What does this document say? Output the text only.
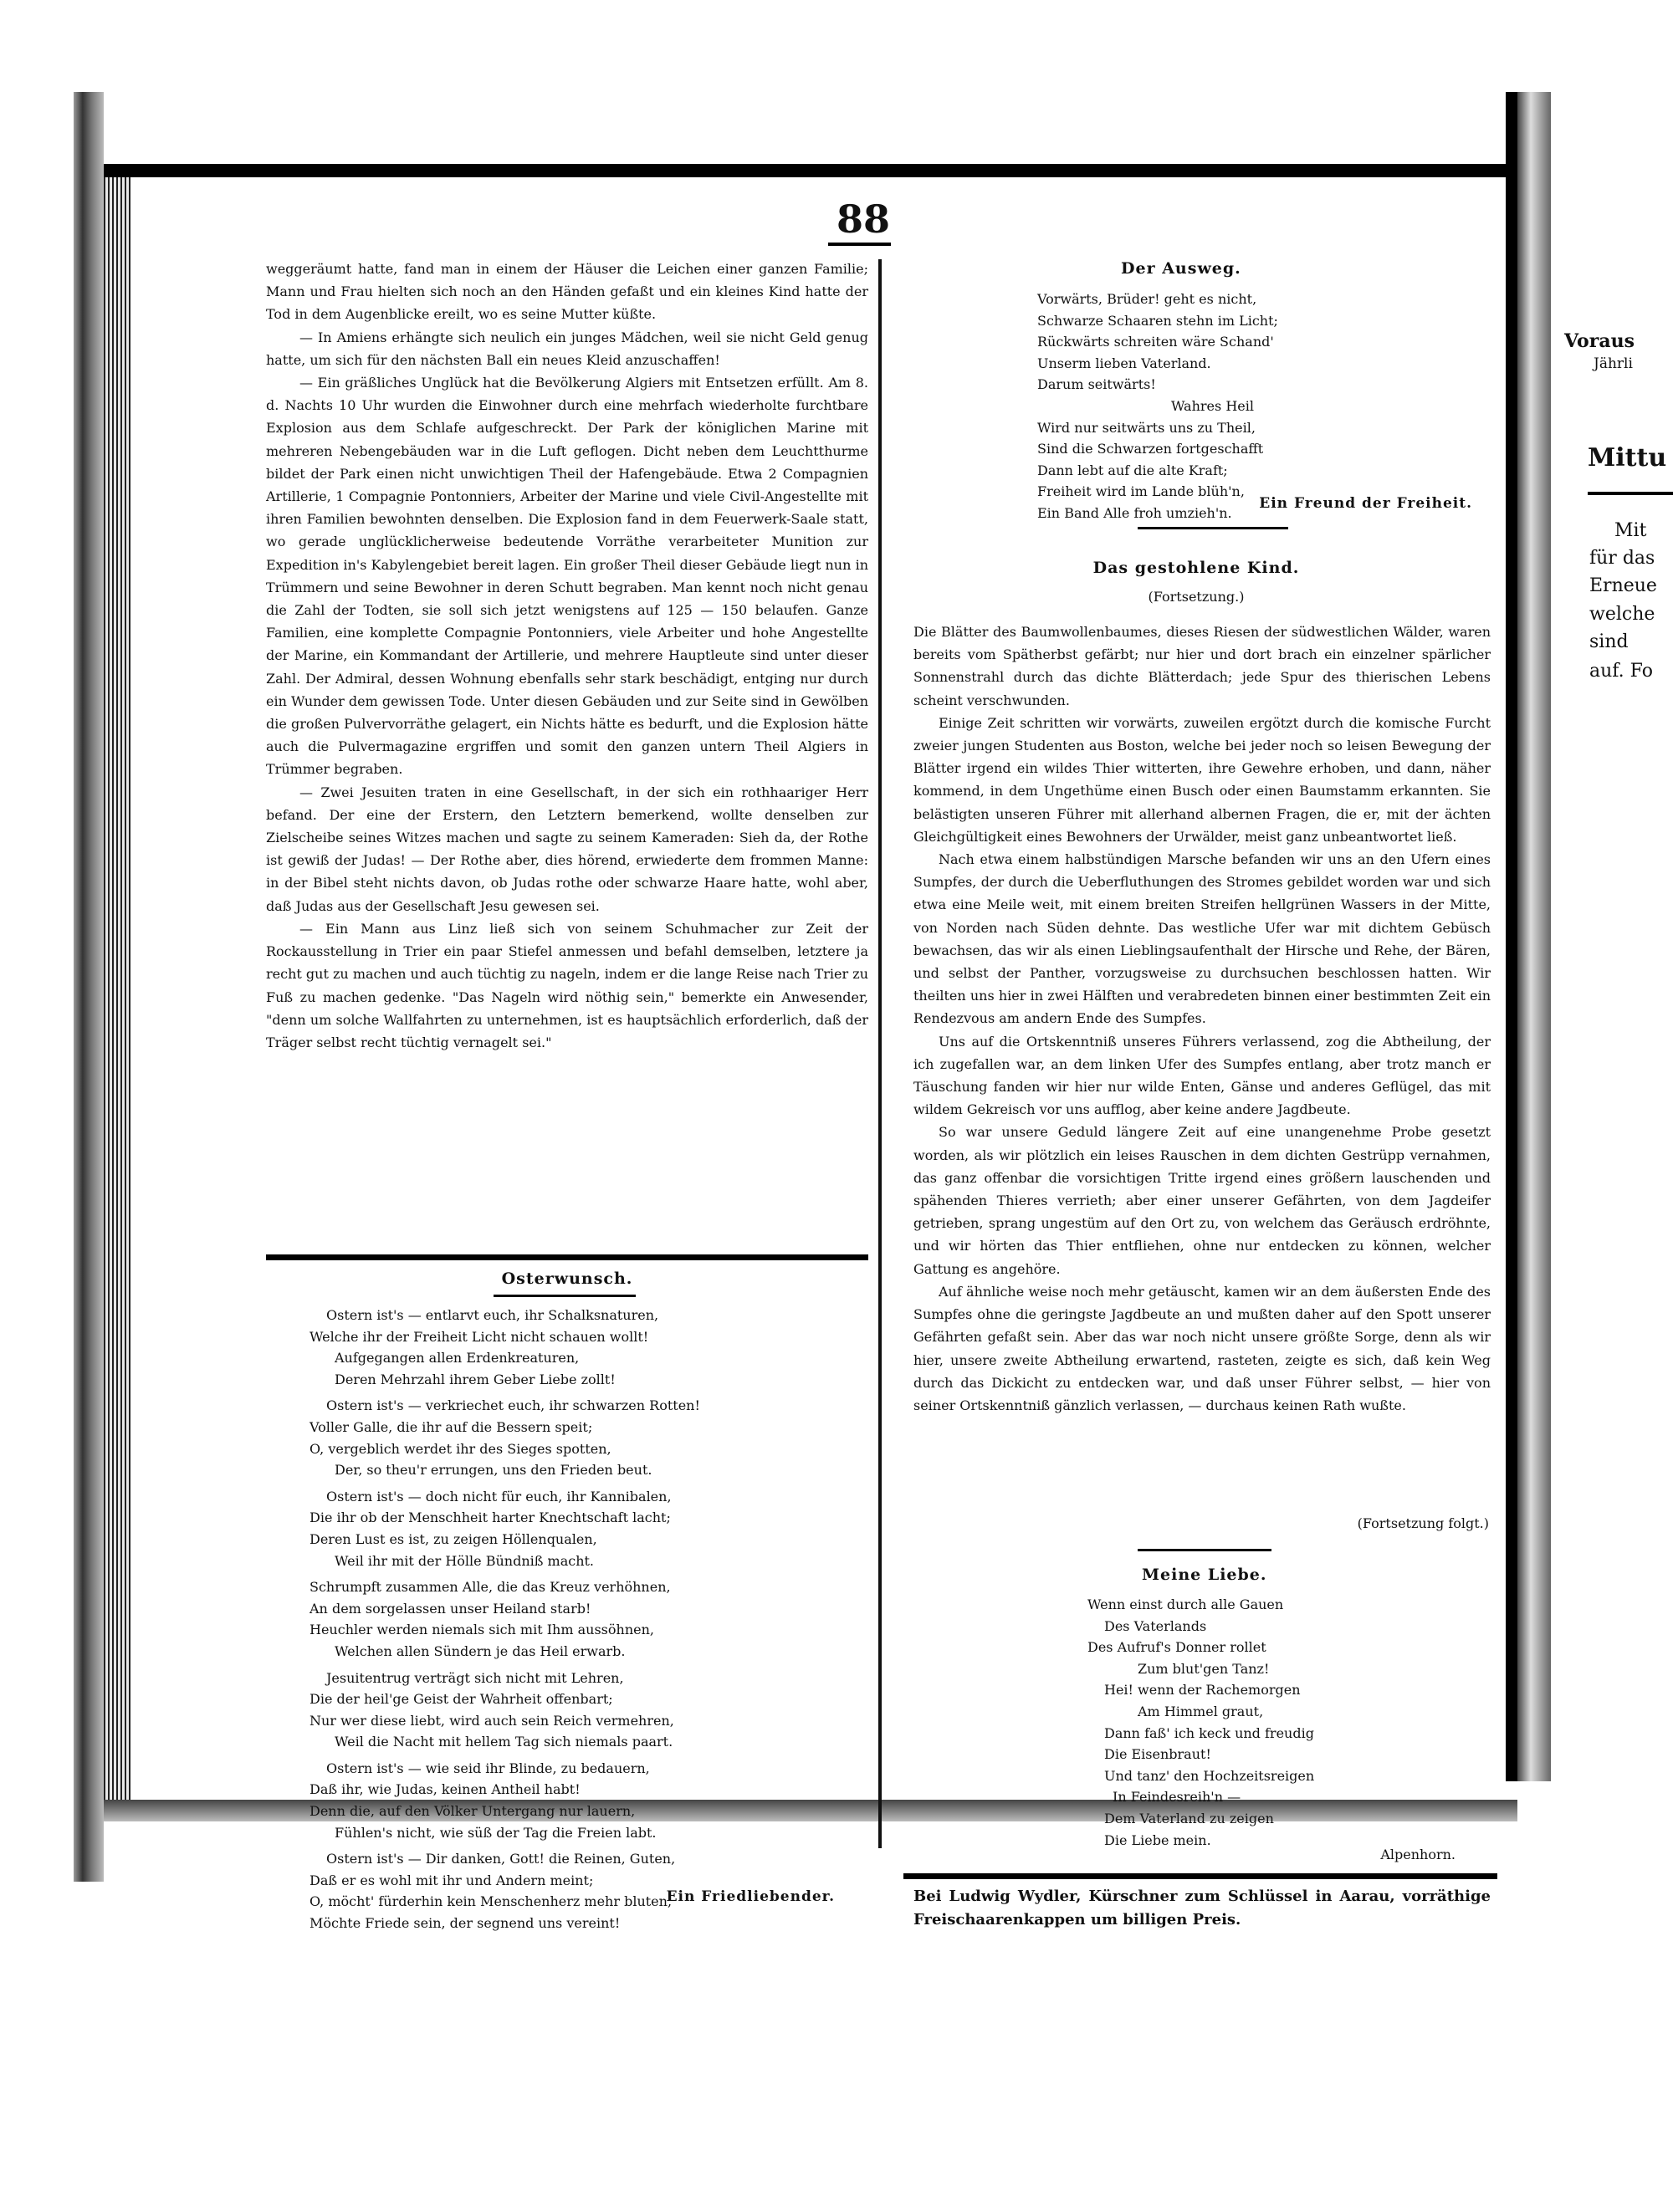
88

weggeräumt hatte, fand man in einem der Häuser die Leichen einer ganzen Familie; Mann und Frau hielten sich noch an den Händen gefaßt und ein kleines Kind hatte der Tod in dem Augenblicke ereilt, wo es seine Mutter küßte.

— In Amiens erhängte sich neulich ein junges Mädchen, weil sie nicht Geld genug hatte, um sich für den nächsten Ball ein neues Kleid anzuschaffen!

— Ein gräßliches Unglück hat die Bevölkerung Algiers mit Entsetzen erfüllt. Am 8. d. Nachts 10 Uhr wurden die Einwohner durch eine mehrfach wiederholte furchtbare Explosion aus dem Schlafe aufgeschreckt. Der Park der königlichen Marine mit mehreren Nebengebäuden war in die Luft geflogen. Dicht neben dem Leuchtthurme bildet der Park einen nicht unwichtigen Theil der Hafengebäude. Etwa 2 Compagnien Artillerie, 1 Compagnie Pontonniers, Arbeiter der Marine und viele Civil-Angestellte mit ihren Familien bewohnten denselben. Die Explosion fand in dem Feuerwerk-Saale statt, wo gerade unglücklicherweise bedeutende Vorräthe verarbeiteter Munition zur Expedition in's Kabylengebiet bereit lagen. Ein großer Theil dieser Gebäude liegt nun in Trümmern und seine Bewohner in deren Schutt begraben. Man kennt noch nicht genau die Zahl der Todten, sie soll sich jetzt wenigstens auf 125 — 150 belaufen. Ganze Familien, eine komplette Compagnie Pontonniers, viele Arbeiter und hohe Angestellte der Marine, ein Kommandant der Artillerie, und mehrere Hauptleute sind unter dieser Zahl. Der Admiral, dessen Wohnung ebenfalls sehr stark beschädigt, entging nur durch ein Wunder dem gewissen Tode. Unter diesen Gebäuden und zur Seite sind in Gewölben die großen Pulvervorräthe gelagert, ein Nichts hätte es bedurft, und die Explosion hätte auch die Pulvermagazine ergriffen und somit den ganzen untern Theil Algiers in Trümmer begraben.

— Zwei Jesuiten traten in eine Gesellschaft, in der sich ein rothhaariger Herr befand. Der eine der Erstern, den Letztern bemerkend, wollte denselben zur Zielscheibe seines Witzes machen und sagte zu seinem Kameraden: Sieh da, der Rothe ist gewiß der Judas! — Der Rothe aber, dies hörend, erwiederte dem frommen Manne: in der Bibel steht nichts davon, ob Judas rothe oder schwarze Haare hatte, wohl aber, daß Judas aus der Gesellschaft Jesu gewesen sei.

— Ein Mann aus Linz ließ sich von seinem Schuhmacher zur Zeit der Rockausstellung in Trier ein paar Stiefel anmessen und befahl demselben, letztere ja recht gut zu machen und auch tüchtig zu nageln, indem er die lange Reise nach Trier zu Fuß zu machen gedenke. "Das Nageln wird nöthig sein," bemerkte ein Anwesender, "denn um solche Wallfahrten zu unternehmen, ist es hauptsächlich erforderlich, daß der Träger selbst recht tüchtig vernagelt sei."

Osterwunsch.
Ostern ist's — entlarvt euch, ihr Schalksnaturen,
Welche ihr der Freiheit Licht nicht schauen wollt!
Aufgegangen allen Erdenkreaturen,
Deren Mehrzahl ihrem Geber Liebe zollt!
Ostern ist's — verkriechet euch, ihr schwarzen Rotten!
Voller Galle, die ihr auf die Bessern speit;
O, vergeblich werdet ihr des Sieges spotten,
Der, so theu'r errungen, uns den Frieden beut.
Ostern ist's — doch nicht für euch, ihr Kannibalen,
Die ihr ob der Menschheit harter Knechtschaft lacht;
Deren Lust es ist, zu zeigen Höllenqualen,
Weil ihr mit der Hölle Bündniß macht.
Schrumpft zusammen Alle, die das Kreuz verhöhnen,
An dem sorgelassen unser Heiland starb!
Heuchler werden niemals sich mit Ihm aussöhnen,
Welchen allen Sündern je das Heil erwarb.
Jesuitentrug verträgt sich nicht mit Lehren,
Die der heil'ge Geist der Wahrheit offenbart;
Nur wer diese liebt, wird auch sein Reich vermehren,
Weil die Nacht mit hellem Tag sich niemals paart.
Ostern ist's — wie seid ihr Blinde, zu bedauern,
Daß ihr, wie Judas, keinen Antheil habt!
Denn die, auf den Völker Untergang nur lauern,
Fühlen's nicht, wie süß der Tag die Freien labt.
Ostern ist's — Dir danken, Gott! die Reinen, Guten,
Daß er es wohl mit ihr und Andern meint;
O, möcht' fürderhin kein Menschenherz mehr bluten,
Möchte Friede sein, der segnend uns vereint!
Ein Friedliebender.
Der Ausweg.
Vorwärts, Brüder! geht es nicht,
Schwarze Schaaren stehn im Licht;
Rückwärts schreiten wäre Schand'
Unserm lieben Vaterland.
Darum seitwärts!
Wahres Heil
Wird nur seitwärts uns zu Theil,
Sind die Schwarzen fortgeschafft
Dann lebt auf die alte Kraft;
Freiheit wird im Lande blüh'n,
Ein Band Alle froh umzieh'n.
Ein Freund der Freiheit.
Das gestohlene Kind.
(Fortsetzung.)

Die Blätter des Baumwollenbaumes, dieses Riesen der südwestlichen Wälder, waren bereits vom Spätherbst gefärbt; nur hier und dort brach ein einzelner spärlicher Sonnenstrahl durch das dichte Blätterdach; jede Spur des thierischen Lebens scheint verschwunden.

Einige Zeit schritten wir vorwärts, zuweilen ergötzt durch die komische Furcht zweier jungen Studenten aus Boston, welche bei jeder noch so leisen Bewegung der Blätter irgend ein wildes Thier witterten, ihre Gewehre erhoben, und dann, näher kommend, in dem Ungethüme einen Busch oder einen Baumstamm erkannten. Sie belästigten unseren Führer mit allerhand albernen Fragen, die er, mit der ächten Gleichgültigkeit eines Bewohners der Urwälder, meist ganz unbeantwortet ließ.

Nach etwa einem halbstündigen Marsche befanden wir uns an den Ufern eines Sumpfes, der durch die Ueberfluthungen des Stromes gebildet worden war und sich etwa eine Meile weit, mit einem breiten Streifen hellgrünen Wassers in der Mitte, von Norden nach Süden dehnte. Das westliche Ufer war mit dichtem Gebüsch bewachsen, das wir als einen Lieblingsaufenthalt der Hirsche und Rehe, der Bären, und selbst der Panther, vorzugsweise zu durchsuchen beschlossen hatten. Wir theilten uns hier in zwei Hälften und verabredeten binnen einer bestimmten Zeit ein Rendezvous am andern Ende des Sumpfes.

Uns auf die Ortskenntniß unseres Führers verlassend, zog die Abtheilung, der ich zugefallen war, an dem linken Ufer des Sumpfes entlang, aber trotz manch er Täuschung fanden wir hier nur wilde Enten, Gänse und anderes Geflügel, das mit wildem Gekreisch vor uns aufflog, aber keine andere Jagdbeute.

So war unsere Geduld längere Zeit auf eine unangenehme Probe gesetzt worden, als wir plötzlich ein leises Rauschen in dem dichten Gestrüpp vernahmen, das ganz offenbar die vorsichtigen Tritte irgend eines größern lauschenden und spähenden Thieres verrieth; aber einer unserer Gefährten, von dem Jagdeifer getrieben, sprang ungestüm auf den Ort zu, von welchem das Geräusch erdröhnte, und wir hörten das Thier entfliehen, ohne nur entdecken zu können, welcher Gattung es angehöre.

Auf ähnliche weise noch mehr getäuscht, kamen wir an dem äußersten Ende des Sumpfes ohne die geringste Jagdbeute an und mußten daher auf den Spott unserer Gefährten gefaßt sein. Aber das war noch nicht unsere größte Sorge, denn als wir hier, unsere zweite Abtheilung erwartend, rasteten, zeigte es sich, daß kein Weg durch das Dickicht zu entdecken war, und daß unser Führer selbst, — hier von seiner Ortskenntniß gänzlich verlassen, — durchaus keinen Rath wußte.

(Fortsetzung folgt.)
Meine Liebe.
Wenn einst durch alle Gauen
Des Vaterlands
Des Aufruf's Donner rollet
Zum blut'gen Tanz!
Hei! wenn der Rachemorgen
Am Himmel graut,
Dann faß' ich keck und freudig
Die Eisenbraut!
Und tanz' den Hochzeitsreigen
In Feindesreih'n —
Dem Vaterland zu zeigen
Die Liebe mein.
Alpenhorn.
Bei Ludwig Wydler, Kürschner zum Schlüssel in Aarau, vorräthige Freischaarenkappen um billigen Preis.
Voraus
Jährli
Mittu
Mit
für das
Erneue
welche
sind
auf. Fo
